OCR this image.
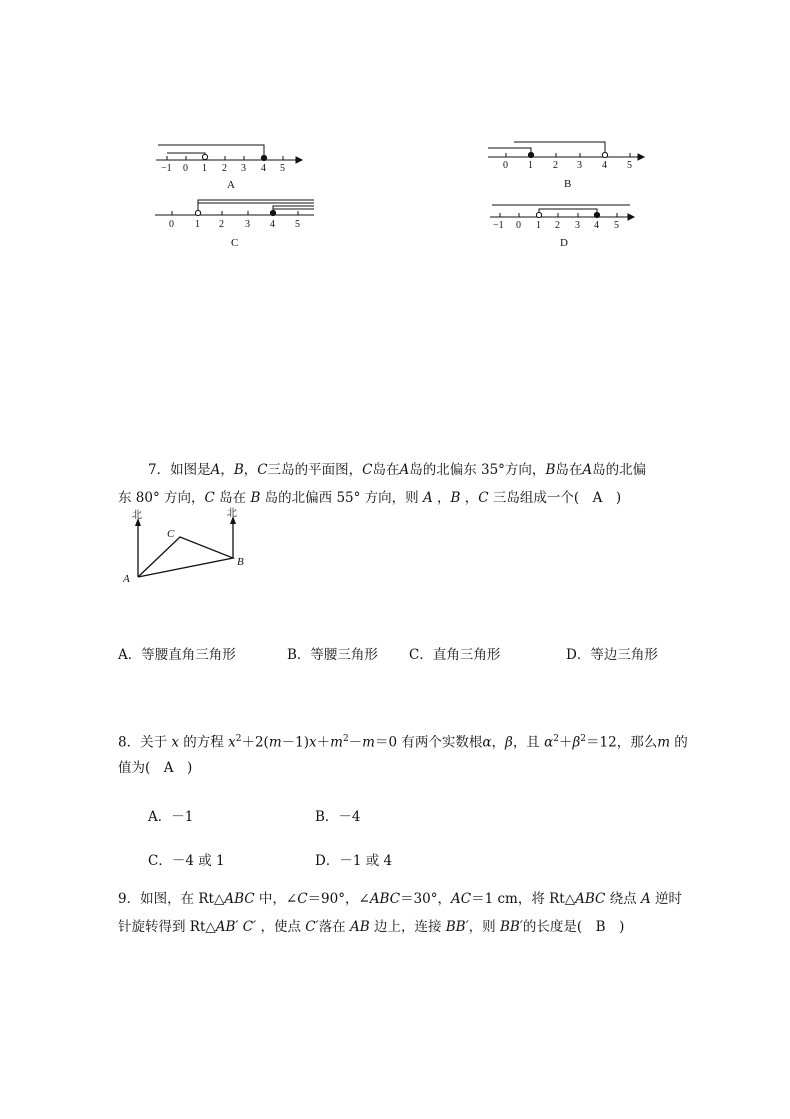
−1 0 1 2 3 4 5
A
0 1 2 3 4 5
B
0 1 2 3 4 5
C
−1 0 1 2 3 4 5
D
7．如图是A，B，C三岛的平面图，C岛在A岛的北偏东 35°方向，B岛在A岛的北偏
东 80° 方向，C 岛在 B 岛的北偏西 55° 方向，则 A ，B ，C 三岛组成一个(　A　)
北	北
C
B
A
A．等腰直角三角形	B．等腰三角形 C．直角三角形	D．等边三角形
8．关于 x 的方程 $x^2+2(m-1)x+m^2-m=0$ 有两个实数根α，β，且 $\alpha^2+\beta^2=12$，那么m 的
值为(　A　)
A．－1	B．－4
C．－4 或 1	D．－1 或 4
9．如图，在 Rt△ABC 中，∠C＝90°，∠ABC＝30°，AC＝1 cm，将 Rt△ABC 绕点 A 逆时
针旋转得到 Rt△AB′ C′ ，使点 C′落在 AB 边上，连接 BB′，则 BB′的长度是(　B　)
